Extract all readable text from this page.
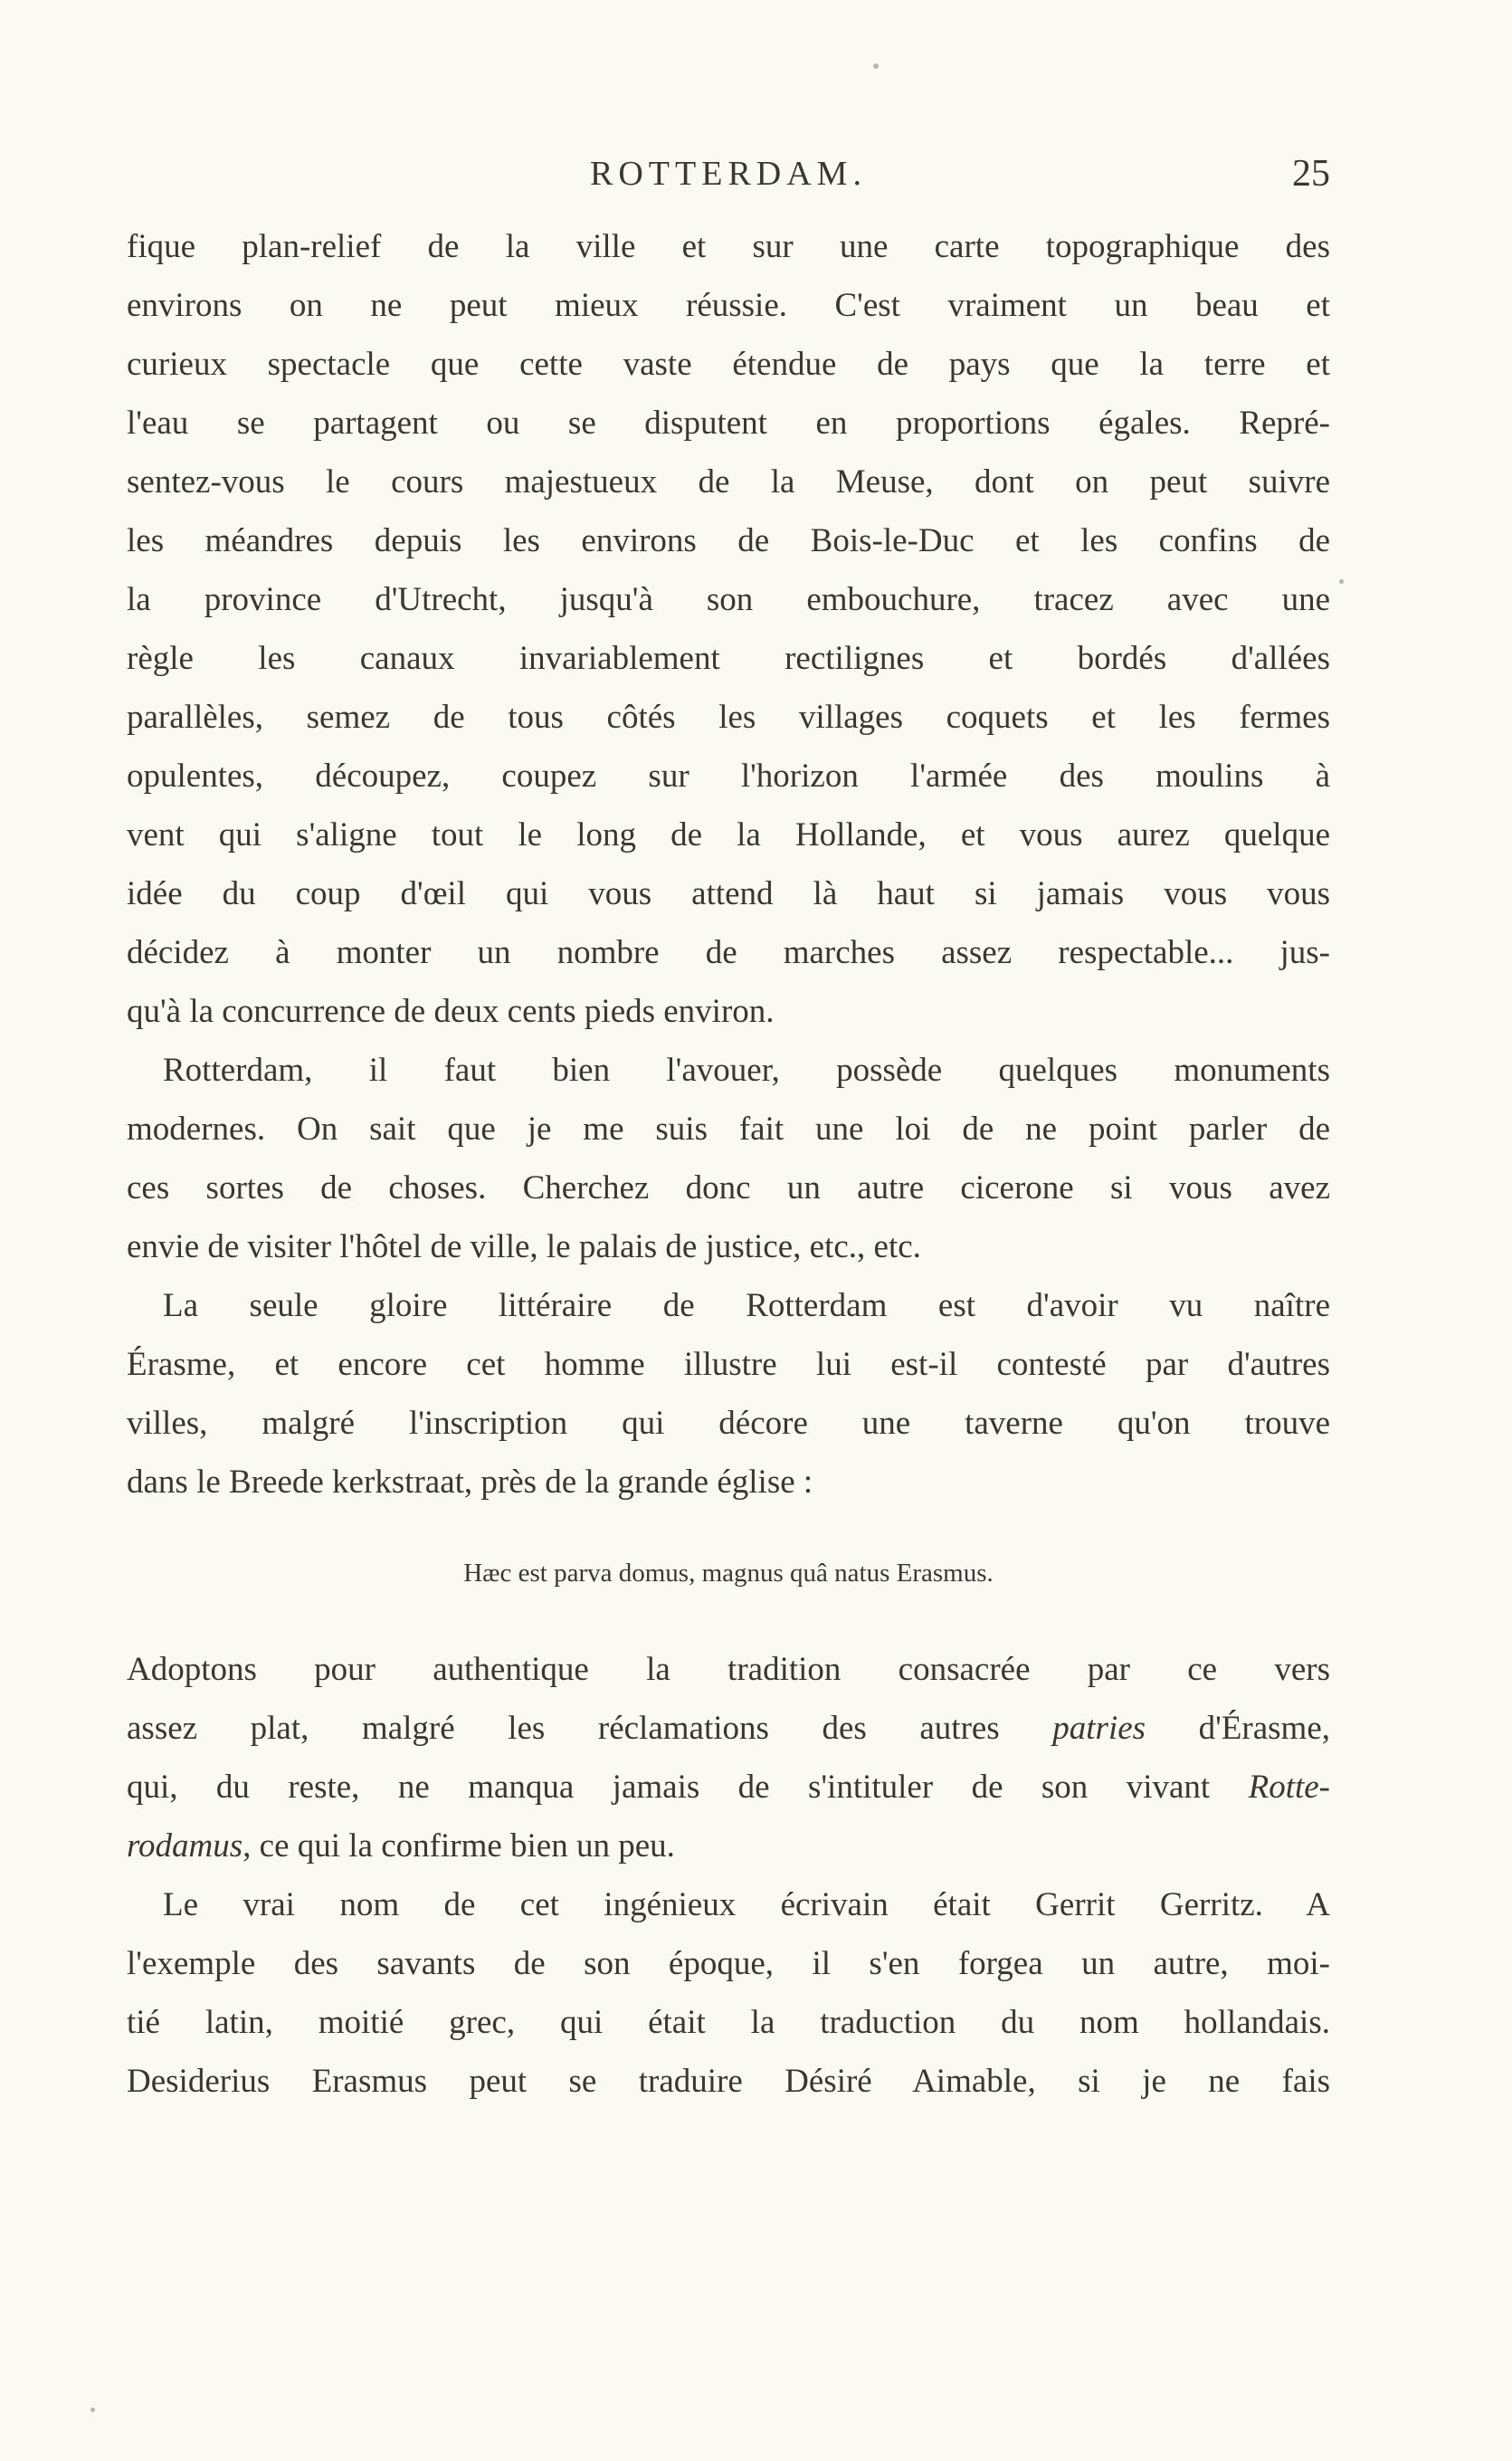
ROTTERDAM.	25
fique plan-relief de la ville et sur une carte topographique des
environs on ne peut mieux réussie. C'est vraiment un beau et
curieux spectacle que cette vaste étendue de pays que la terre et
l'eau se partagent ou se disputent en proportions égales. Repré-
sentez-vous le cours majestueux de la Meuse, dont on peut suivre
les méandres depuis les environs de Bois-le-Duc et les confins de
la province d'Utrecht, jusqu'à son embouchure, tracez avec une
règle les canaux invariablement rectilignes et bordés d'allées
parallèles, semez de tous côtés les villages coquets et les fermes
opulentes, découpez, coupez sur l'horizon l'armée des moulins à
vent qui s'aligne tout le long de la Hollande, et vous aurez quelque
idée du coup d'œil qui vous attend là haut si jamais vous vous
décidez à monter un nombre de marches assez respectable... jus-
qu'à la concurrence de deux cents pieds environ.
Rotterdam, il faut bien l'avouer, possède quelques monuments
modernes. On sait que je me suis fait une loi de ne point parler de
ces sortes de choses. Cherchez donc un autre cicerone si vous avez
envie de visiter l'hôtel de ville, le palais de justice, etc., etc.
La seule gloire littéraire de Rotterdam est d'avoir vu naître
Érasme, et encore cet homme illustre lui est-il contesté par d'autres
villes, malgré l'inscription qui décore une taverne qu'on trouve
dans le Breede kerkstraat, près de la grande église :
Hæc est parva domus, magnus quâ natus Erasmus.
Adoptons pour authentique la tradition consacrée par ce vers
assez plat, malgré les réclamations des autres patries d'Érasme,
qui, du reste, ne manqua jamais de s'intituler de son vivant Rotte-
rodamus, ce qui la confirme bien un peu.
Le vrai nom de cet ingénieux écrivain était Gerrit Gerritz. A
l'exemple des savants de son époque, il s'en forgea un autre, moi-
tié latin, moitié grec, qui était la traduction du nom hollandais.
Desiderius Erasmus peut se traduire Désiré Aimable, si je ne fais
